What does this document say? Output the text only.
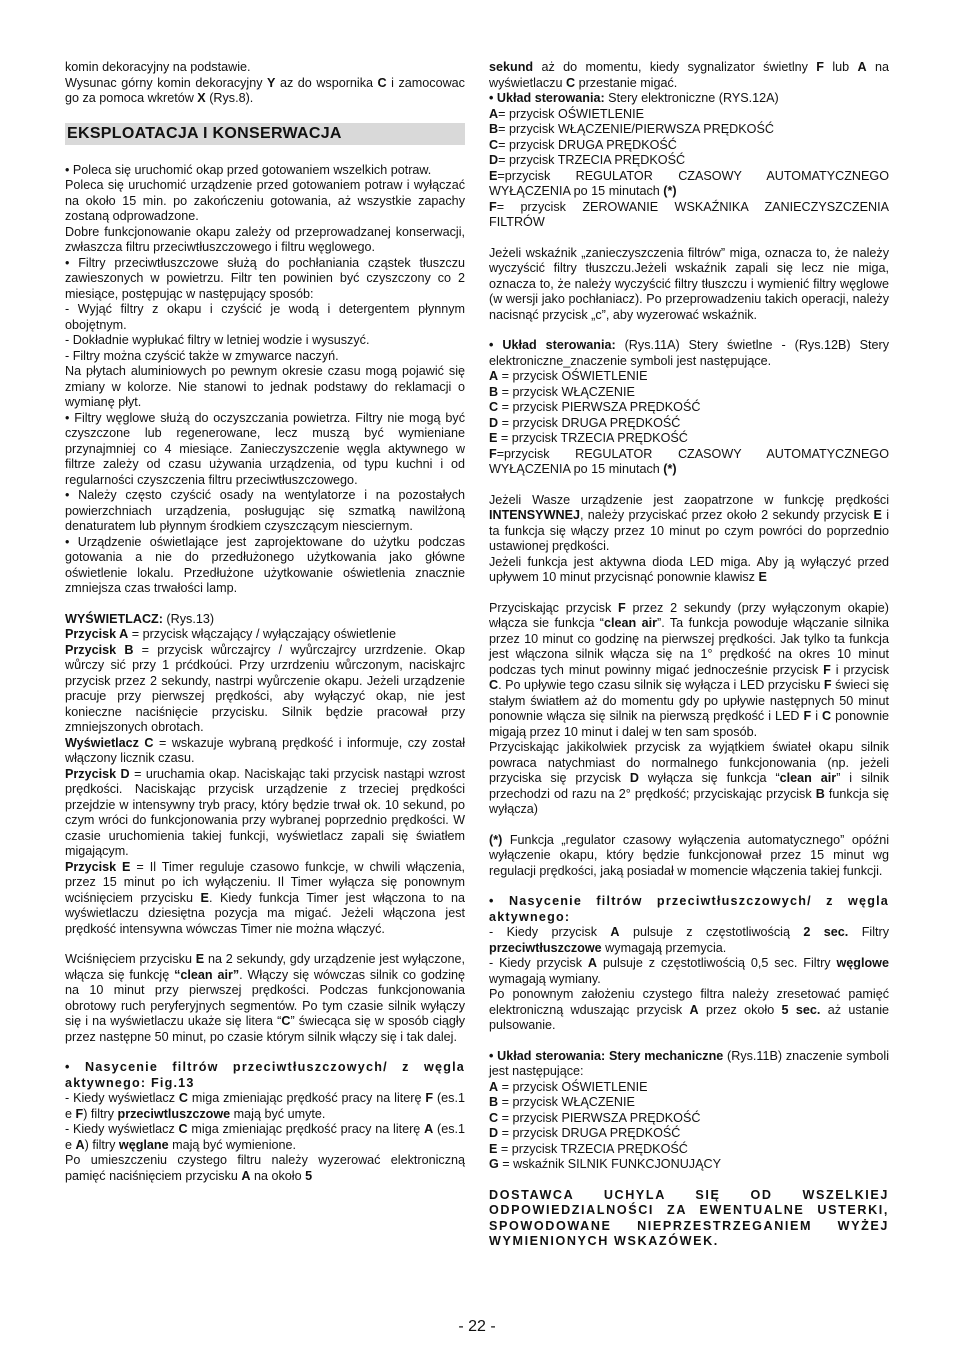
komin dekoracyjny na podstawie.

Wysunac górny komin dekoracyjny Y az do wspornika C i zamocowac go za pomoca wkretów X (Rys.8).

EKSPLOATACJA I KONSERWACJA

• Poleca się uruchomić okap przed gotowaniem wszelkich potraw.

Poleca się uruchomić urządzenie przed gotowaniem potraw i wyłączać na około 15 min. po zakończeniu gotowania, aż wszystkie zapachy zostaną odprowadzone.

Dobre funkcjonowanie okapu zależy od przeprowadzanej konserwacji, zwłaszcza filtru przeciwtłuszczowego i filtru węglowego.

• Filtry przeciwtłuszczowe służą do pochłaniania cząstek tłuszczu zawieszonych w powietrzu. Filtr ten powinien być czyszczony co 2 miesiące, postępując w następujący sposób:

- Wyjąć filtry z okapu i czyścić je wodą i detergentem płynnym obojętnym.

- Dokładnie wypłukać filtry w letniej wodzie i wysuszyć.

- Filtry można czyścić także w zmywarce naczyń.

Na płytach aluminiowych po pewnym okresie czasu mogą pojawić się zmiany w kolorze. Nie stanowi to jednak podstawy do reklamacji o wymianę płyt.

• Filtry węglowe służą do oczyszczania powietrza. Filtry nie mogą być czyszczone lub regenerowane, lecz muszą być wymieniane przynajmniej co 4 miesiące. Zanieczyszczenie węgla aktywnego w filtrze zależy od czasu używania urządzenia, od typu kuchni i od regularności czyszczenia filtru przeciwtłuszczowego.

• Należy często czyścić osady na wentylatorze i na pozostałych powierzchniach urządzenia, posługując się szmatką nawilżoną denaturatem lub płynnym środkiem czyszczącym niesciernym.

• Urządzenie oświetlające jest zaprojektowane do użytku podczas gotowania a nie do przedłużonego użytkowania jako główne oświetlenie lokalu. Przedłużone użytkowanie oświetlenia znacznie zmniejsza czas trwałości lamp.

WYŚWIETLACZ: (Rys.13)

Przycisk A = przycisk włączający / wyłączający oświetlenie

Przycisk B = przycisk wůrczajrcy / wyůrczajrcy urzrdzenie. Okap wůrczy sić przy 1 prćdkoúci. Przy urzrdzeniu wůrczonym, naciskajrc przycisk przez 2 sekundy, nastrpi wyůrczenie okapu. Jeżeli urządzenie pracuje przy pierwszej prędkości, aby wyłączyć okap, nie jest konieczne naciśnięcie przycisku. Silnik będzie pracował przy zmniejszonych obrotach.

Wyświetlacz C = wskazuje wybraną prędkość i informuje, czy został włączony licznik czasu.

Przycisk D = uruchamia okap. Naciskając taki przycisk nastąpi wzrost prędkości. Naciskając przycisk urządzenie z trzeciej prędkości przejdzie w intensywny tryb pracy, który będzie trwał ok. 10 sekund, po czym wróci do funkcjonowania przy wybranej poprzednio prędkości. W czasie uruchomienia takiej funkcji, wyświetlacz zapali się światłem migającym.

Przycisk E = Il Timer reguluje czasowo funkcje, w chwili włączenia, przez 15 minut po ich wyłączeniu. Il Timer wyłącza się ponownym wciśnięciem przycisku E. Kiedy funkcja Timer jest włączona to na wyświetlaczu dziesiętna pozycja ma migać. Jeżeli włączona jest prędkość intensywna wówczas Timer nie można włączyć.

Wciśnięciem przycisku E na 2 sekundy, gdy urządzenie jest wyłączone, włącza się funkcję “clean air”. Włączy się wówczas silnik co godzinę na 10 minut przy pierwszej prędkości. Podczas funkcjonowania obrotowy ruch peryferyjnych segmentów. Po tym czasie silnik wyłączy się i na wyświetlaczu ukaże się litera “C” świecąca się w sposób ciągły przez następne 50 minut, po czasie którym silnik włączy się i tak dalej.

• Nasycenie filtrów przeciwtłuszczowych/ z węgla aktywnego: Fig.13

- Kiedy wyświetlacz C miga zmieniając prędkość pracy na literę F (es.1 e F) filtry przeciwtluszczowe mają być umyte.

- Kiedy wyświetlacz C miga zmieniając prędkość pracy na literę A (es.1 e A) filtry węglane mają być wymienione.

Po umieszczeniu czystego filtru należy wyzerować elektroniczną pamięć naciśnięciem przycisku A na około 5

sekund aż do momentu, kiedy sygnalizator świetlny F lub A na wyświetlaczu C przestanie migać.

• Układ sterowania: Stery elektroniczne (RYS.12A)

A= przycisk OŚWIETLENIE

B= przycisk WŁĄCZENIE/PIERWSZA PRĘDKOŚĆ

C= przycisk DRUGA PRĘDKOŚĆ

D= przycisk TRZECIA PRĘDKOŚĆ

E=przycisk REGULATOR CZASOWY AUTOMATYCZNEGO WYŁĄCZENIA po 15 minutach (*)

F= przycisk ZEROWANIE WSKAŹNIKA ZANIECZYSZCZENIA FILTRÓW

Jeżeli wskaźnik „zanieczyszczenia filtrów” miga, oznacza to, że należy wyczyścić filtry tłuszczu.Jeżeli wskaźnik zapali się lecz nie miga, oznacza to, że należy wyczyścić filtry tłuszczu i wymienić filtry węglowe (w wersji jako pochłaniacz). Po przeprowadzeniu takich operacji, należy nacisnąć przycisk „c”, aby wyzerować wskaźnik.

• Układ sterowania: (Rys.11A) Stery świetlne - (Rys.12B) Stery elektroniczne_znaczenie symboli jest następujące.

A = przycisk OŚWIETLENIE

B = przycisk WŁĄCZENIE

C = przycisk PIERWSZA PRĘDKOŚĆ

D = przycisk DRUGA PRĘDKOŚĆ

E = przycisk TRZECIA PRĘDKOŚĆ

F=przycisk REGULATOR CZASOWY AUTOMATYCZNEGO WYŁĄCZENIA po 15 minutach (*)

Jeżeli Wasze urządzenie jest zaopatrzone w funkcję prędkości INTENSYWNEJ, należy przyciskać przez około 2 sekundy przycisk E i ta funkcja się włączy przez 10 minut po czym powróci do poprzednio ustawionej prędkości.

Jeżeli funkcja jest aktywna dioda LED miga. Aby ją wyłączyć przed upływem 10 minut przycisnąć ponownie klawisz E

Przyciskając przycisk F przez 2 sekundy (przy wyłączonym okapie) włącza sie funkcja “clean air”. Ta funkcja powoduje włączanie silnika przez 10 minut co godzinę na pierwszej prędkości. Jak tylko ta funkcja jest włączona silnik włącza się na 1° prędkość na okres 10 minut podczas tych minut powinny migać jednocześnie przycisk F i przycisk C. Po upływie tego czasu silnik się wyłącza i LED przycisku F świeci się stałym światłem aż do momentu gdy po upływie następnych 50 minut ponownie włącza się silnik na pierwszą prędkość i LED F i C ponownie migają przez 10 minut i dalej w ten sam sposób.

Przyciskając jakikolwiek przycisk za wyjątkiem świateł okapu silnik powraca natychmiast do normalnego funkcjonowania (np. jeżeli przyciska się przycisk D wyłącza się funkcja “clean air” i silnik przechodzi od razu na 2° prędkość; przyciskając przycisk B funkcja się wyłącza)

(*) Funkcja „regulator czasowy wyłączenia automatycznego” opóźni wyłączenie okapu, który będzie funkcjonował przez 15 minut wg regulacji prędkości, jaką posiadał w momencie włączenia takiej funkcji.

• Nasycenie filtrów przeciwtłuszczowych/ z węgla aktywnego:

- Kiedy przycisk A pulsuje z częstotliwością 2 sec. Filtry przeciwtłuszczowe wymagają przemycia.

- Kiedy przycisk A pulsuje z częstotliwością 0,5 sec. Filtry węglowe wymagają wymiany.

Po ponownym założeniu czystego filtra należy zresetować pamięć elektroniczną wduszając przycisk A przez około 5 sec. aż ustanie pulsowanie.

• Układ sterowania: Stery mechaniczne (Rys.11B) znaczenie symboli jest następujące:

A = przycisk OŚWIETLENIE

B = przycisk WŁĄCZENIE

C = przycisk PIERWSZA PRĘDKOŚĆ

D = przycisk DRUGA PRĘDKOŚĆ

E = przycisk TRZECIA PRĘDKOŚĆ

G = wskaźnik SILNIK FUNKCJONUJĄCY

DOSTAWCA UCHYLA SIĘ OD WSZELKIEJ ODPOWIEDZIALNOŚCI ZA EWENTUALNE USTERKI, SPOWODOWANE NIEPRZESTRZEGANIEM WYŻEJ WYMIENIONYCH WSKAZÓWEK.

- 22 -
